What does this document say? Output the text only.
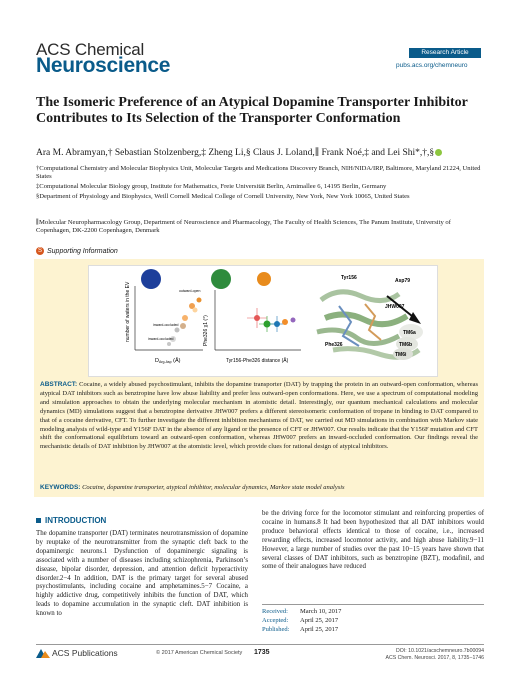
ACS Chemical
Neuroscience
Research Article
pubs.acs.org/chemneuro
The Isomeric Preference of an Atypical Dopamine Transporter Inhibitor Contributes to Its Selection of the Transporter Conformation
Ara M. Abramyan,† Sebastian Stolzenberg,‡ Zheng Li,§ Claus J. Loland,∥ Frank Noé,‡ and Lei Shi*,†,§
†Computational Chemistry and Molecular Biophysics Unit, Molecular Targets and Medications Discovery Branch, NIH/NIDA/IRP, Baltimore, Maryland 21224, United States
‡Computational Molecular Biology group, Institute for Mathematics, Freie Universität Berlin, Arnimallee 6, 14195 Berlin, Germany
§Department of Physiology and Biophysics, Weill Cornell Medical College of Cornell University, New York, New York 10065, United States
∥Molecular Neuropharmacology Group, Department of Neuroscience and Pharmacology, The Faculty of Health Sciences, The Panum Institute, University of Copenhagen, DK-2200 Copenhagen, Denmark
S Supporting Information
number of waters in the EV
DArg-Asp (Å)
inward-occluded
inward-occluded
outward-open
Phe326 χ1 (°)
Tyr156-Phe326 distance (Å)
Tyr156	Asp79
JHW007
Phe326
TM6a
TM6b
TM6i
ABSTRACT: Cocaine, a widely abused psychostimulant, inhibits the dopamine transporter (DAT) by trapping the protein in an outward-open conformation, whereas atypical DAT inhibitors such as benztropine have low abuse liability and prefer less outward-open conformations. Here, we use a spectrum of computational modeling and simulation approaches to obtain the underlying molecular mechanism in atomistic detail. Interestingly, our quantum mechanical calculations and molecular dynamics (MD) simulations suggest that a benztropine derivative JHW007 prefers a different stereoisomeric conformation of tropane in binding to DAT compared to that of a cocaine derivative, CFT. To further investigate the different inhibition mechanisms of DAT, we carried out MD simulations in combination with Markov state modeling analysis of wild-type and Y156F DAT in the absence of any ligand or the presence of CFT or JHW007. Our results indicate that the Y156F mutation and CFT shift the conformational equilibrium toward an outward-open conformation, whereas JHW007 prefers an inward-occluded conformation. Our findings reveal the mechanistic details of DAT inhibition by JHW007 at the atomistic level, which provide clues for rational design of atypical inhibitors.
KEYWORDS: Cocaine, dopamine transporter, atypical inhibitor, molecular dynamics, Markov state model analysis
INTRODUCTION
The dopamine transporter (DAT) terminates neurotransmission of dopamine by reuptake of the neurotransmitter from the synaptic cleft back to the dopaminergic neurons.1 Dysfunction of dopaminergic signaling is associated with a number of diseases including schizophrenia, Parkinson’s disease, bipolar disorder, depression, and attention deficit hyperactivity disorder.2−4 In addition, DAT is the primary target for several abused psychostimulants, including cocaine and amphetamines.5−7 Cocaine, a highly addictive drug, competitively inhibits the function of DAT, which leads to dopamine accumulation in the synaptic cleft. DAT inhibition is known to
be the driving force for the locomotor stimulant and reinforcing properties of cocaine in humans.8 It had been hypothesized that all DAT inhibitors would produce behavioral effects identical to those of cocaine, i.e., increased rewarding effects, increased locomotor activity, and high abuse liability.9−11 However, a large number of studies over the past 10−15 years have shown that several classes of DAT inhibitors, such as benztropine (BZT), modafinil, and some of their analogues have reduced
Received: March 10, 2017
Accepted: April 25, 2017
Published: April 25, 2017
ACS Publications	© 2017 American Chemical Society 1735	DOI: 10.1021/acschemneuro.7b00094
ACS Chem. Neurosci. 2017, 8, 1735−1746
